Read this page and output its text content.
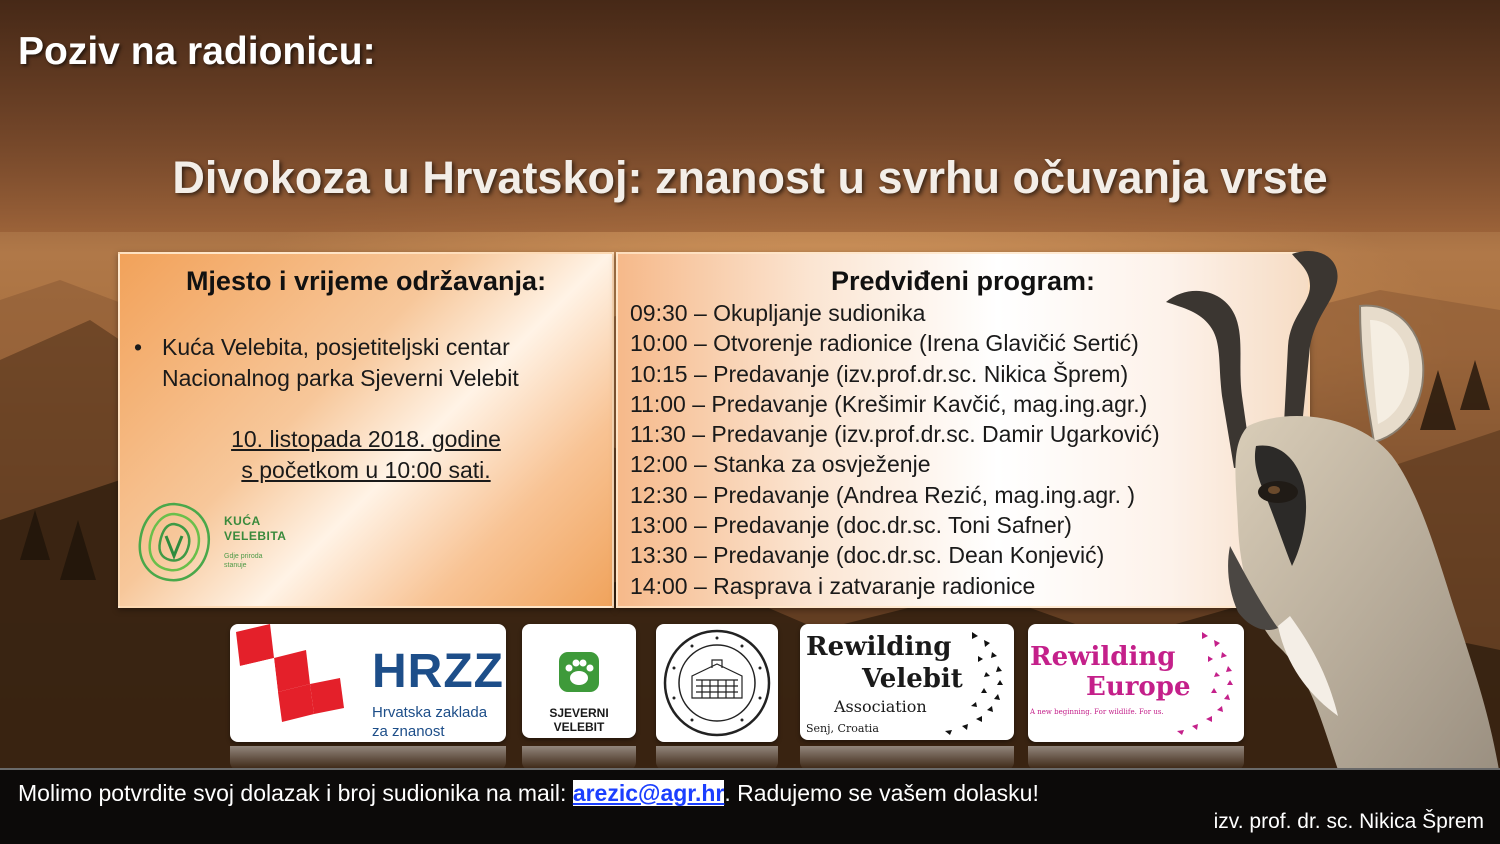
Poziv na radionicu:
Divokoza u Hrvatskoj: znanost u svrhu očuvanja vrste
Mjesto i vrijeme održavanja:
• Kuća Velebita, posjetiteljski centar Nacionalnog parka Sjeverni Velebit
10. listopada 2018. godine
s početkom u 10:00 sati.
KUĆA
VELEBITA
Gdje priroda
stanuje
Predviđeni program:
09:30 – Okupljanje sudionika
10:00 – Otvorenje radionice (Irena Glavičić Sertić)
10:15 – Predavanje (izv.prof.dr.sc. Nikica Šprem)
11:00 – Predavanje (Krešimir Kavčić, mag.ing.agr.)
11:30 – Predavanje (izv.prof.dr.sc. Damir Ugarković)
12:00 – Stanka za osvježenje
12:30 – Predavanje (Andrea Rezić, mag.ing.agr. )
13:00 – Predavanje (doc.dr.sc. Toni Safner)
13:30 – Predavanje (doc.dr.sc. Dean Konjević)
14:00 – Rasprava i zatvaranje radionice
HRZZ
Hrvatska zaklada
za znanost
SJEVERNI
VELEBIT
Rewilding
Velebit
Association
Senj, Croatia
Rewilding
Europe
A new beginning. For wildlife. For us.
Molimo potvrdite svoj dolazak i broj sudionika na mail: arezic@agr.hr. Radujemo se vašem dolasku!
izv. prof. dr. sc. Nikica Šprem
